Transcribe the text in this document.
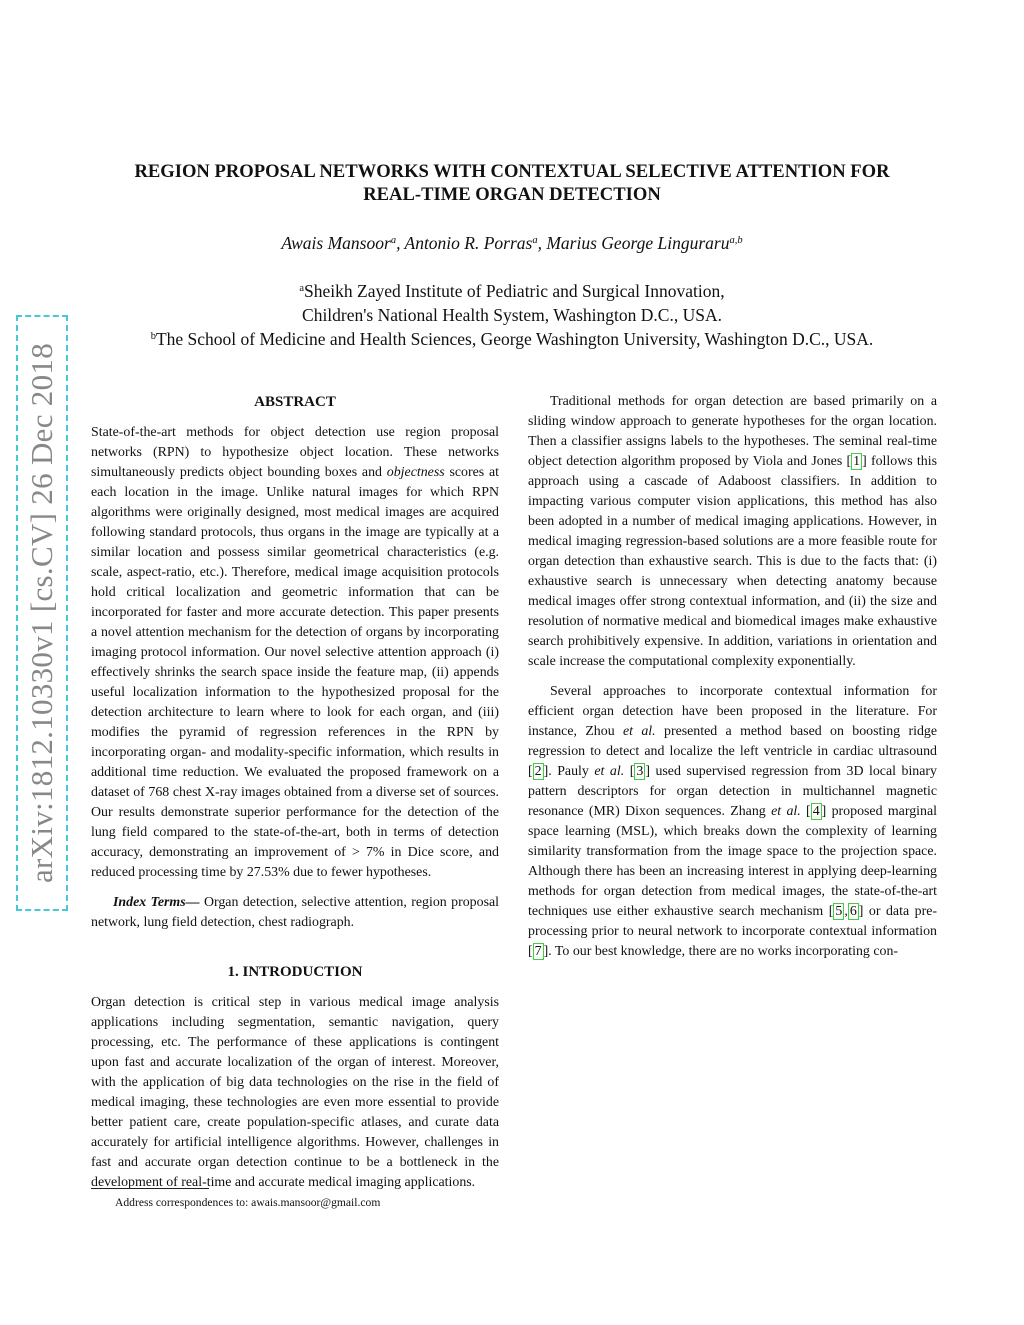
arXiv:1812.10330v1 [cs.CV] 26 Dec 2018
REGION PROPOSAL NETWORKS WITH CONTEXTUAL SELECTIVE ATTENTION FOR
REAL-TIME ORGAN DETECTION
Awais Mansoor$^a$, Antonio R. Porras$^a$, Marius George Linguraru$^{a,b}$
$^a$Sheikh Zayed Institute of Pediatric and Surgical Innovation,
Children's National Health System, Washington D.C., USA.
$^b$The School of Medicine and Health Sciences, George Washington University, Washington D.C., USA.
ABSTRACT

State-of-the-art methods for object detection use region proposal networks (RPN) to hypothesize object location. These networks simultaneously predicts object bounding boxes and objectness scores at each location in the image. Unlike natural images for which RPN algorithms were originally designed, most medical images are acquired following standard protocols, thus organs in the image are typically at a similar location and possess similar geometrical characteristics (e.g. scale, aspect-ratio, etc.). Therefore, medical image acquisition protocols hold critical localization and geometric information that can be incorporated for faster and more accurate detection. This paper presents a novel attention mechanism for the detection of organs by incorporating imaging protocol information. Our novel selective attention approach (i) effectively shrinks the search space inside the feature map, (ii) appends useful localization information to the hypothesized proposal for the detection architecture to learn where to look for each organ, and (iii) modifies the pyramid of regression references in the RPN by incorporating organ- and modality-specific information, which results in additional time reduction. We evaluated the proposed framework on a dataset of 768 chest X-ray images obtained from a diverse set of sources. Our results demonstrate superior performance for the detection of the lung field compared to the state-of-the-art, both in terms of detection accuracy, demonstrating an improvement of > 7% in Dice score, and reduced processing time by 27.53% due to fewer hypotheses.

Index Terms— Organ detection, selective attention, region proposal network, lung field detection, chest radiograph.

1. INTRODUCTION

Organ detection is critical step in various medical image analysis applications including segmentation, semantic navigation, query processing, etc. The performance of these applications is contingent upon fast and accurate localization of the organ of interest. Moreover, with the application of big data technologies on the rise in the field of medical imaging, these technologies are even more essential to provide better patient care, create population-specific atlases, and curate data accurately for artificial intelligence algorithms. However, challenges in fast and accurate organ detection continue to be a bottleneck in the development of real-time and accurate medical imaging applications.

Traditional methods for organ detection are based primarily on a sliding window approach to generate hypotheses for the organ location. Then a classifier assigns labels to the hypotheses. The seminal real-time object detection algorithm proposed by Viola and Jones [ 1 ] follows this approach using a cascade of Adaboost classifiers. In addition to impacting various computer vision applications, this method has also been adopted in a number of medical imaging applications. However, in medical imaging regression-based solutions are a more feasible route for organ detection than exhaustive search. This is due to the facts that: (i) exhaustive search is unnecessary when detecting anatomy because medical images offer strong contextual information, and (ii) the size and resolution of normative medical and biomedical images make exhaustive search prohibitively expensive. In addition, variations in orientation and scale increase the computational complexity exponentially.

Several approaches to incorporate contextual information for efficient organ detection have been proposed in the literature. For instance, Zhou et al. presented a method based on boosting ridge regression to detect and localize the left ventricle in cardiac ultrasound [ 2 ]. Pauly et al. [ 3 ] used supervised regression from 3D local binary pattern descriptors for organ detection in multichannel magnetic resonance (MR) Dixon sequences. Zhang et al. [ 4 ] proposed marginal space learning (MSL), which breaks down the complexity of learning similarity transformation from the image space to the projection space. Although there has been an increasing interest in applying deep-learning methods for organ detection from medical images, the state-of-the-art techniques use either exhaustive search mechanism [ 5 , 6 ] or data pre-processing prior to neural network to incorporate contextual information [ 7 ]. To our best knowledge, there are no works incorporating con-

Address correspondences to: awais.mansoor@gmail.com
